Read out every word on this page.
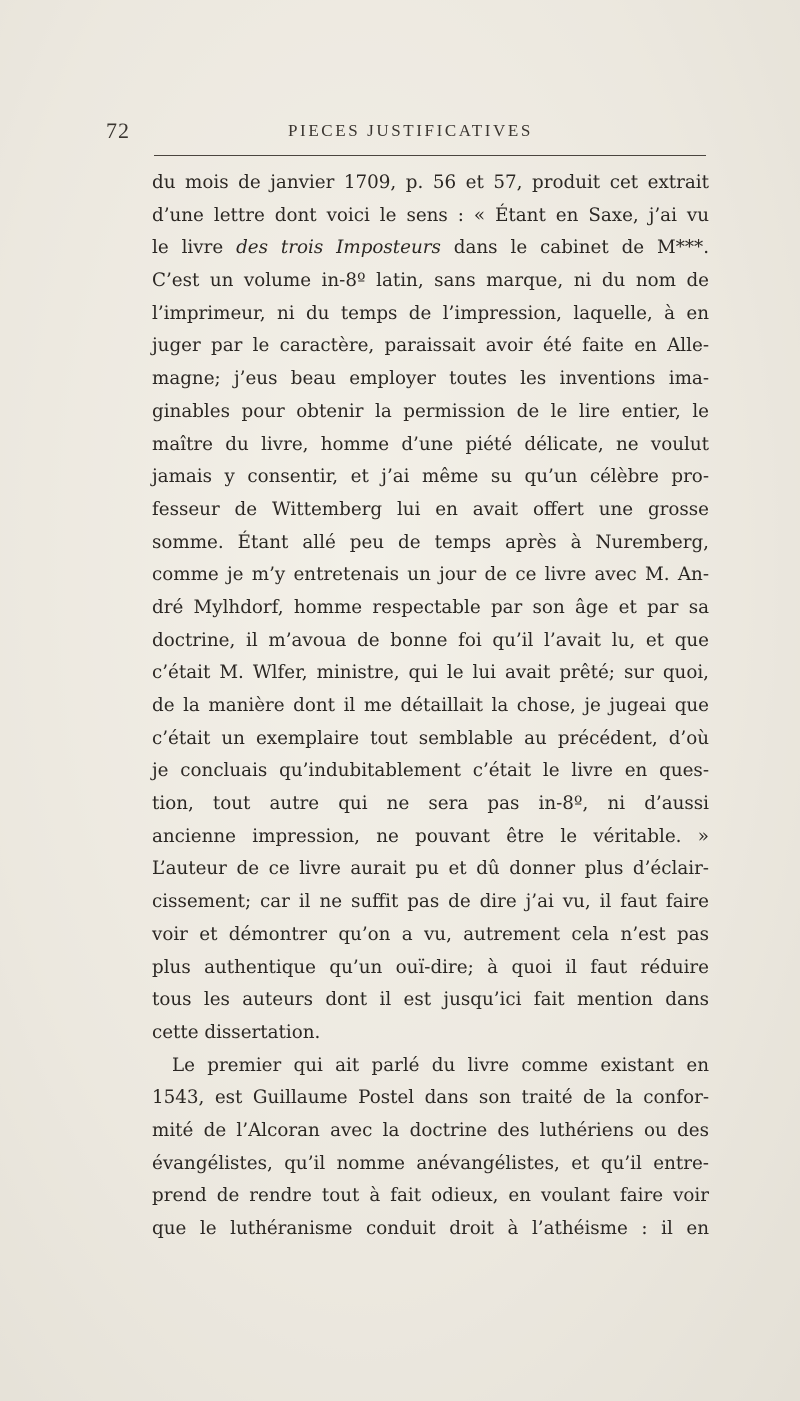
72	PIECES JUSTIFICATIVES
du mois de janvier 1709, p. 56 et 57, produit cet extrait
d’une lettre dont voici le sens : « Étant en Saxe, j’ai vu
le livre des trois Imposteurs dans le cabinet de M***.
C’est un volume in-8º latin, sans marque, ni du nom de
l’imprimeur, ni du temps de l’impression, laquelle, à en
juger par le caractère, paraissait avoir été faite en Alle-
magne; j’eus beau employer toutes les inventions ima-
ginables pour obtenir la permission de le lire entier, le
maître du livre, homme d’une piété délicate, ne voulut
jamais y consentir, et j’ai même su qu’un célèbre pro-
fesseur de Wittemberg lui en avait offert une grosse
somme. Étant allé peu de temps après à Nuremberg,
comme je m’y entretenais un jour de ce livre avec M. An-
dré Mylhdorf, homme respectable par son âge et par sa
doctrine, il m’avoua de bonne foi qu’il l’avait lu, et que
c’était M. Wlfer, ministre, qui le lui avait prêté; sur quoi,
de la manière dont il me détaillait la chose, je jugeai que
c’était un exemplaire tout semblable au précédent, d’où
je concluais qu’indubitablement c’était le livre en ques-
tion, tout autre qui ne sera pas in-8º, ni d’aussi
ancienne impression, ne pouvant être le véritable. »
L’auteur de ce livre aurait pu et dû donner plus d’éclair-
cissement; car il ne suffit pas de dire j’ai vu, il faut faire
voir et démontrer qu’on a vu, autrement cela n’est pas
plus authentique qu’un ouï-dire; à quoi il faut réduire
tous les auteurs dont il est jusqu’ici fait mention dans
cette dissertation.
Le premier qui ait parlé du livre comme existant en
1543, est Guillaume Postel dans son traité de la confor-
mité de l’Alcoran avec la doctrine des luthériens ou des
évangélistes, qu’il nomme anévangélistes, et qu’il entre-
prend de rendre tout à fait odieux, en voulant faire voir
que le luthéranisme conduit droit à l’athéisme : il en
